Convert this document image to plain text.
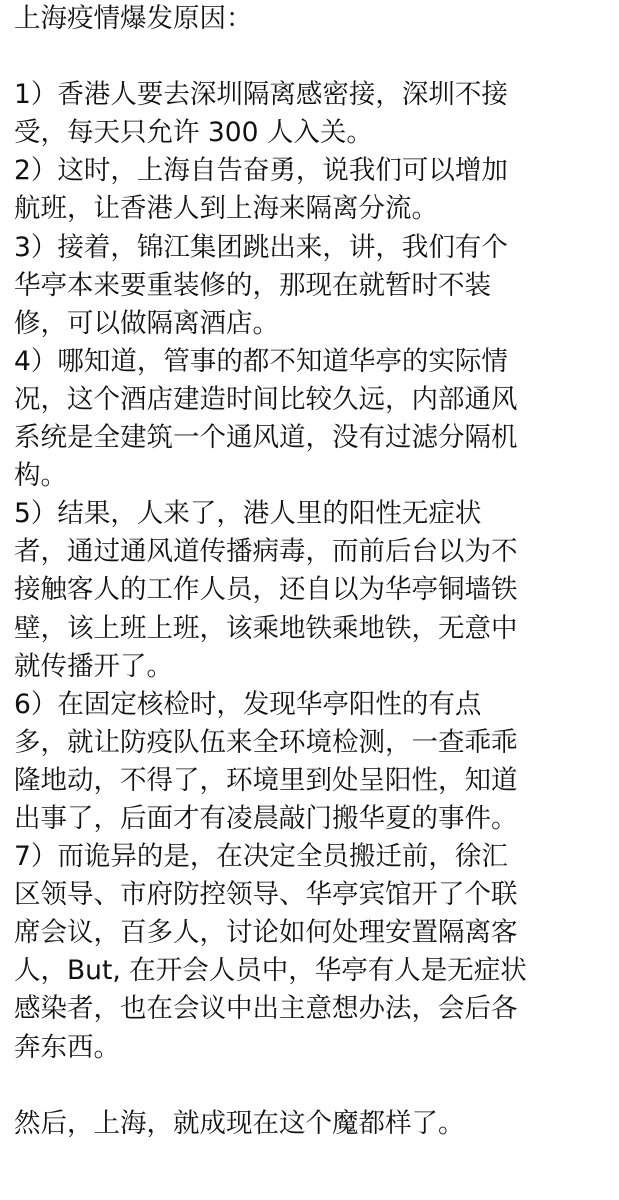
上海疫情爆发原因：
1）香港人要去深圳隔离感密接，深圳不接
受，每天只允许 300 人入关。
2）这时，上海自告奋勇，说我们可以增加
航班，让香港人到上海来隔离分流。
3）接着，锦江集团跳出来，讲，我们有个
华亭本来要重装修的，那现在就暂时不装
修，可以做隔离酒店。
4）哪知道，管事的都不知道华亭的实际情
况，这个酒店建造时间比较久远，内部通风
系统是全建筑一个通风道，没有过滤分隔机
构。
5）结果，人来了，港人里的阳性无症状
者，通过通风道传播病毒，而前后台以为不
接触客人的工作人员，还自以为华亭铜墙铁
壁，该上班上班，该乘地铁乘地铁，无意中
就传播开了。
6）在固定核检时，发现华亭阳性的有点
多，就让防疫队伍来全环境检测，一查乖乖
隆地动，不得了，环境里到处呈阳性，知道
出事了，后面才有凌晨敲门搬华夏的事件。
7）而诡异的是，在决定全员搬迁前，徐汇
区领导、市府防控领导、华亭宾馆开了个联
席会议，百多人，讨论如何处理安置隔离客
人，But, 在开会人员中，华亭有人是无症状
感染者，也在会议中出主意想办法，会后各
奔东西。
然后，上海，就成现在这个魔都样了。
